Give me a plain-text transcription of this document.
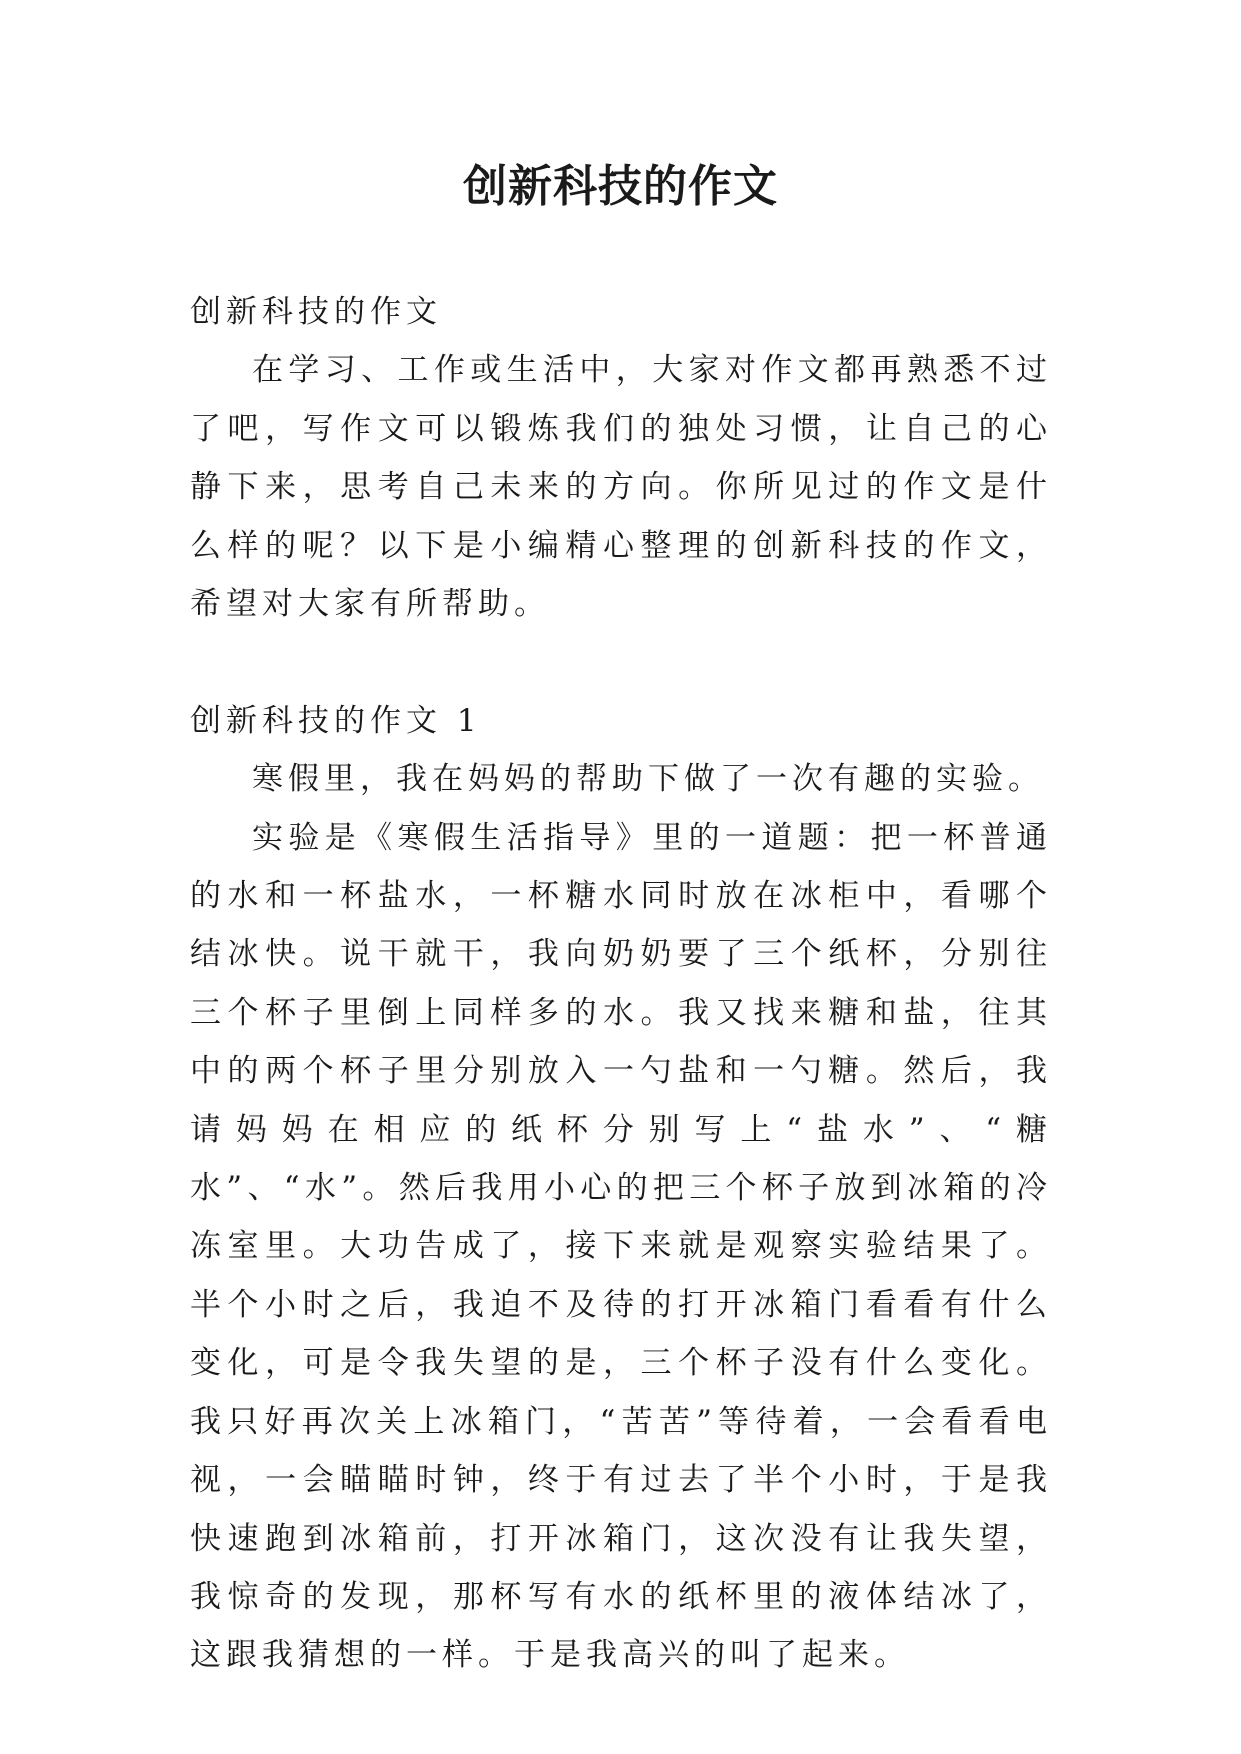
创新科技的作文

创新科技的作文

在学习、工作或生活中，大家对作文都再熟悉不过了吧，写作文可以锻炼我们的独处习惯，让自己的心静下来，思考自己未来的方向。你所见过的作文是什么样的呢？以下是小编精心整理的创新科技的作文，希望对大家有所帮助。

创新科技的作文 1

寒假里，我在妈妈的帮助下做了一次有趣的实验。

实验是《寒假生活指导》里的一道题：把一杯普通的水和一杯盐水，一杯糖水同时放在冰柜中，看哪个结冰快。说干就干，我向奶奶要了三个纸杯，分别往三个杯子里倒上同样多的水。我又找来糖和盐，往其中的两个杯子里分别放入一勺盐和一勺糖。然后，我请妈妈在相应的纸杯分别写上“盐水”、“糖水”、“水”。然后我用小心的把三个杯子放到冰箱的冷冻室里。大功告成了，接下来就是观察实验结果了。半个小时之后，我迫不及待的打开冰箱门看看有什么变化，可是令我失望的是，三个杯子没有什么变化。我只好再次关上冰箱门，“苦苦”等待着，一会看看电视，一会瞄瞄时钟，终于有过去了半个小时，于是我快速跑到冰箱前，打开冰箱门，这次没有让我失望，我惊奇的发现，那杯写有水的纸杯里的液体结冰了，这跟我猜想的一样。于是我高兴的叫了起来。
